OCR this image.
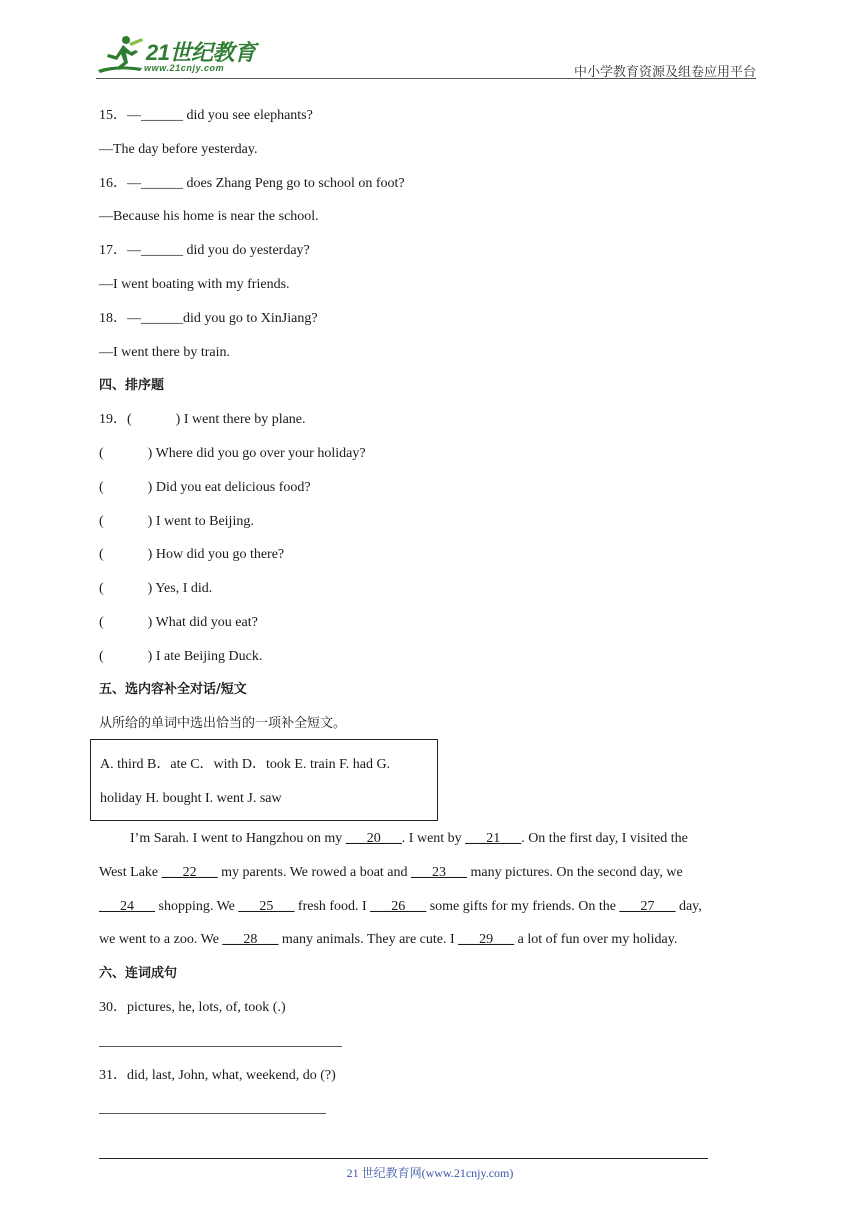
21世纪教育
www.21cnjy.com	中小学教育资源及组卷应用平台
15．—______ did you see elephants?
—The day before yesterday.
16．—______ does Zhang Peng go to school on foot?
—Because his home is near the school.
17．—______ did you do yesterday?
—I went boating with my friends.
18．—______did you go to XinJiang?
—I went there by train.
四、排序题
19．(	) I went there by plane.
(	) Where did you go over your holiday?
(	) Did you eat delicious food?
(	) I went to Beijing.
(	) How did you go there?
(	) Yes, I did.
(	) What did you eat?
(	) I ate Beijing Duck.
五、选内容补全对话/短文
从所给的单词中选出恰当的一项补全短文。
A. third B．ate C．with D．took E. train F. had G.
holiday H. bought I. went J. saw
I’m Sarah. I went to Hangzhou on my ___20___. I went by ___21___. On the first day, I visited the
West Lake ___22___ my parents. We rowed a boat and ___23___ many pictures. On the second day, we
___24___ shopping. We ___25___ fresh food. I ___26___ some gifts for my friends. On the ___27___ day,
we went to a zoo. We ___28___ many animals. They are cute. I ___29___ a lot of fun over my holiday.
六、连词成句
30．pictures, he, lots, of, took (.)
31．did, last, John, what, weekend, do (?)
21 世纪教育网(www.21cnjy.com)
